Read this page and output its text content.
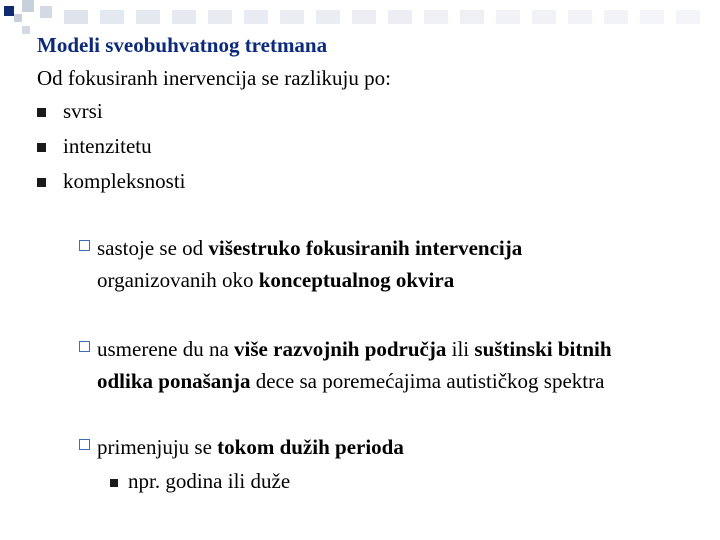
Modeli sveobuhvatnog tretmana
Od fokusiranh inervencija se razlikuju po:
svrsi
intenzitetu
kompleksnosti
sastoje se od višestruko fokusiranih intervencija
organizovanih oko konceptualnog okvira
usmerene du na više razvojnih područja ili suštinski bitnih
odlika ponašanja dece sa poremećajima autističkog spektra
primenjuju se tokom dužih perioda
npr. godina ili duže
